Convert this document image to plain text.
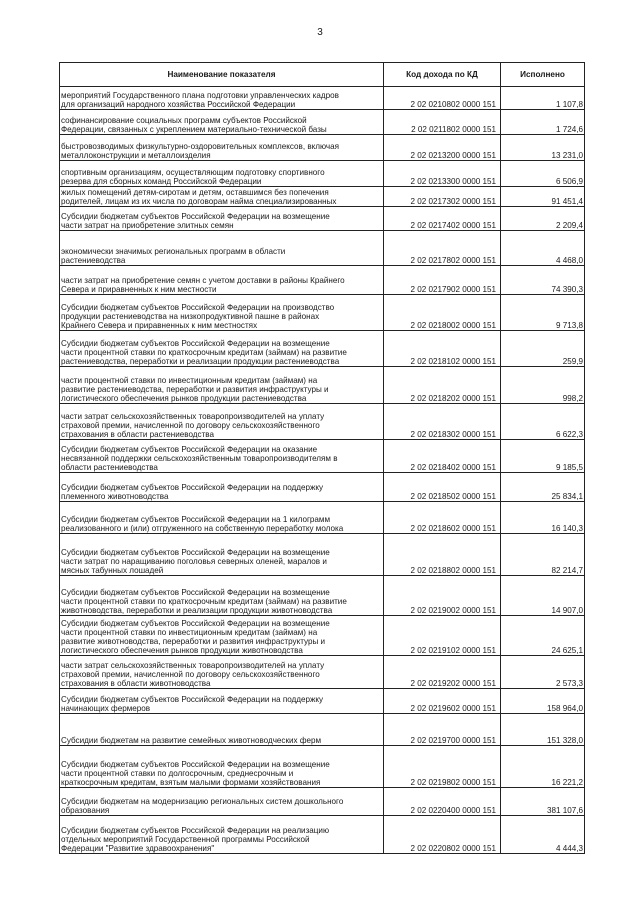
3
Наименование показателя	Код дохода по КД	Исполнено

мероприятий Государственного плана подготовки управленческих кадров
для организаций народного хозяйства Российской Федерации	2 02 0210802 0000 151	1 107,8

софинансирование социальных программ субъектов Российской
Федерации, связанных с укреплением материально-технической базы	2 02 0211802 0000 151	1 724,6

быстровозводимых физкультурно-оздоровительных комплексов, включая
металлоконструкции и металлоизделия	2 02 0213200 0000 151	13 231,0

спортивным организациям, осуществляющим подготовку спортивного
резерва для сборных команд Российской Федерации	2 02 0213300 0000 151	6 506,9

жилых помещений детям-сиротам и детям, оставшимся без попечения
родителей, лицам из их числа по договорам найма специализированных	2 02 0217302 0000 151	91 451,4

Субсидии бюджетам субъектов Российской Федерации на возмещение
части затрат на приобретение элитных семян	2 02 0217402 0000 151	2 209,4

экономически значимых региональных программ в области
растениеводства	2 02 0217802 0000 151	4 468,0

части затрат на приобретение семян с учетом доставки в районы Крайнего
Севера и приравненных к ним местности	2 02 0217902 0000 151	74 390,3

Субсидии бюджетам субъектов Российской Федерации на производство
продукции растениеводства на низкопродуктивной пашне в районах
Крайнего Севера и приравненных к ним местностях	2 02 0218002 0000 151	9 713,8

Субсидии бюджетам субъектов Российской Федерации на возмещение
части процентной ставки по краткосрочным кредитам (займам) на развитие
растениеводства, переработки и реализации продукции растениеводства	2 02 0218102 0000 151	259,9

части процентной ставки по инвестиционным кредитам (займам) на
развитие растениеводства, переработки и развития инфраструктуры и
логистического обеспечения рынков продукции растениеводства	2 02 0218202 0000 151	998,2

части затрат сельскохозяйственных товаропроизводителей на уплату
страховой премии, начисленной по договору сельскохозяйственного
страхования в области растениеводства	2 02 0218302 0000 151	6 622,3

Субсидии бюджетам субъектов Российской Федерации на оказание
несвязанной поддержки сельскохозяйственным товаропроизводителям в
области растениеводства	2 02 0218402 0000 151	9 185,5

Субсидии бюджетам субъектов Российской Федерации на поддержку
племенного животноводства	2 02 0218502 0000 151	25 834,1

Субсидии бюджетам субъектов Российской Федерации на 1 килограмм
реализованного и (или) отгруженного на собственную переработку молока	2 02 0218602 0000 151	16 140,3

Субсидии бюджетам субъектов Российской Федерации на возмещение
части затрат по наращиванию поголовья северных оленей, маралов и
мясных табунных лошадей	2 02 0218802 0000 151	82 214,7

Субсидии бюджетам субъектов Российской Федерации на возмещение
части процентной ставки по краткосрочным кредитам (займам) на развитие
животноводства, переработки и реализации продукции животноводства	2 02 0219002 0000 151	14 907,0

Субсидии бюджетам субъектов Российской Федерации на возмещение
части процентной ставки по инвестиционным кредитам (займам) на
развитие животноводства, переработки и развития инфраструктуры и
логистического обеспечения рынков продукции животноводства	2 02 0219102 0000 151	24 625,1

части затрат сельскохозяйственных товаропроизводителей на уплату
страховой премии, начисленной по договору сельскохозяйственного
страхования в области животноводства	2 02 0219202 0000 151	2 573,3

Субсидии бюджетам субъектов Российской Федерации на поддержку
начинающих фермеров	2 02 0219602 0000 151	158 964,0

Субсидии бюджетам на развитие семейных животноводческих ферм	2 02 0219700 0000 151	151 328,0

Субсидии бюджетам субъектов Российской Федерации на возмещение
части процентной ставки по долгосрочным, среднесрочным и
краткосрочным кредитам, взятым малыми формами хозяйствования	2 02 0219802 0000 151	16 221,2

Субсидии бюджетам на модернизацию региональных систем дошкольного
образования	2 02 0220400 0000 151	381 107,6

Субсидии бюджетам субъектов Российской Федерации на реализацию
отдельных мероприятий Государственной программы Российской
Федерации "Развитие здравоохранения"	2 02 0220802 0000 151	4 444,3
